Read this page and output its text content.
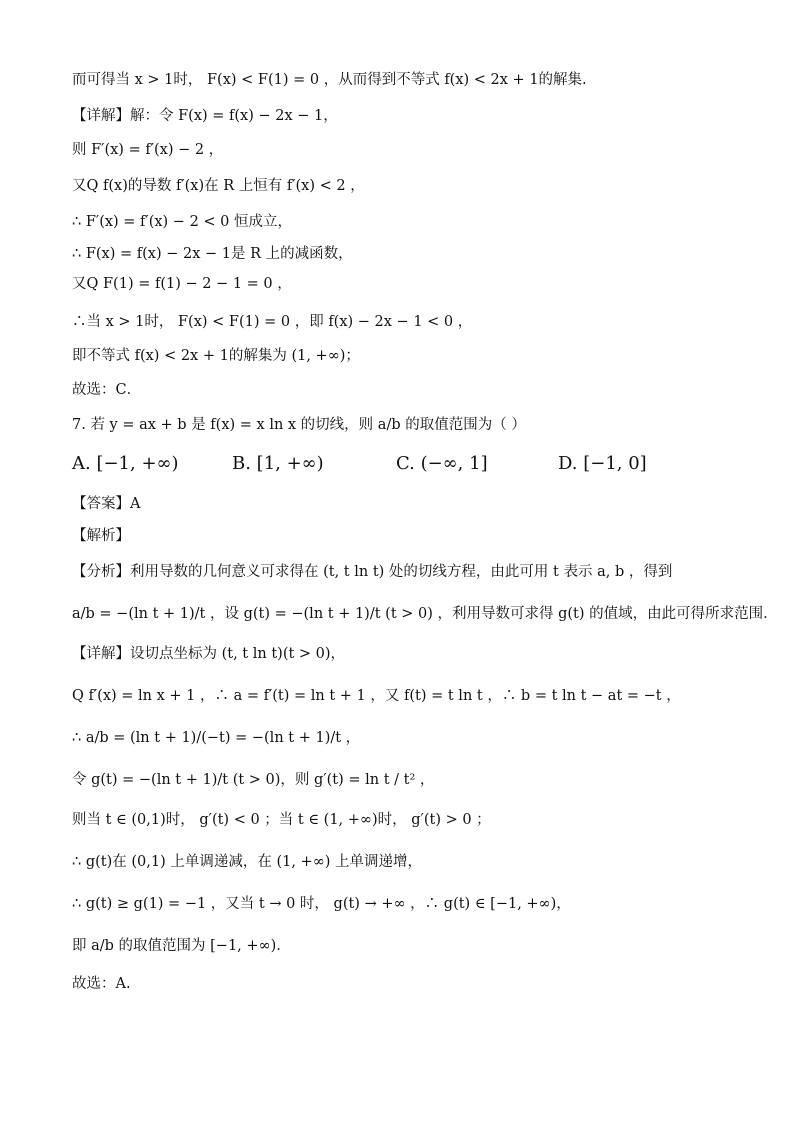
而可得当 x > 1时， F(x) < F(1) = 0 ，从而得到不等式 f(x) < 2x + 1的解集.
【详解】解：令 F(x) = f(x) − 2x − 1，
则 F′(x) = f′(x) − 2 ，
又Q f(x)的导数 f′(x)在 R 上恒有 f′(x) < 2 ，
∴ F′(x) = f′(x) − 2 < 0 恒成立，
∴ F(x) = f(x) − 2x − 1是 R 上的减函数，
又Q F(1) = f(1) − 2 − 1 = 0 ，
∴当 x > 1时， F(x) < F(1) = 0 ，即 f(x) − 2x − 1 < 0 ，
即不等式 f(x) < 2x + 1的解集为 (1, +∞)；
故选：C．
7. 若 y = ax + b 是 f(x) = x ln x 的切线，则 a/b 的取值范围为（ ）
A. [−1, +∞)	B. [1, +∞)	C. (−∞, 1]	D. [−1, 0]
【答案】A
【解析】
【分析】利用导数的几何意义可求得在 (t, t ln t) 处的切线方程，由此可用 t 表示 a, b ，得到
a/b = −(ln t + 1)/t ，设 g(t) = −(ln t + 1)/t (t > 0) ，利用导数可求得 g(t) 的值域，由此可得所求范围.
【详解】设切点坐标为 (t, t ln t)(t > 0)，
Q f′(x) = ln x + 1 ，∴ a = f′(t) = ln t + 1 ，又 f(t) = t ln t ，∴ b = t ln t − at = −t ，
∴ a/b = (ln t + 1)/(−t) = −(ln t + 1)/t ，
令 g(t) = −(ln t + 1)/t (t > 0)，则 g′(t) = ln t / t² ，
则当 t ∈ (0,1)时， g′(t) < 0 ；当 t ∈ (1, +∞)时， g′(t) > 0 ；
∴ g(t)在 (0,1) 上单调递减，在 (1, +∞) 上单调递增，
∴ g(t) ≥ g(1) = −1 ，又当 t → 0 时， g(t) → +∞ ，∴ g(t) ∈ [−1, +∞)，
即 a/b 的取值范围为 [−1, +∞).
故选：A.
